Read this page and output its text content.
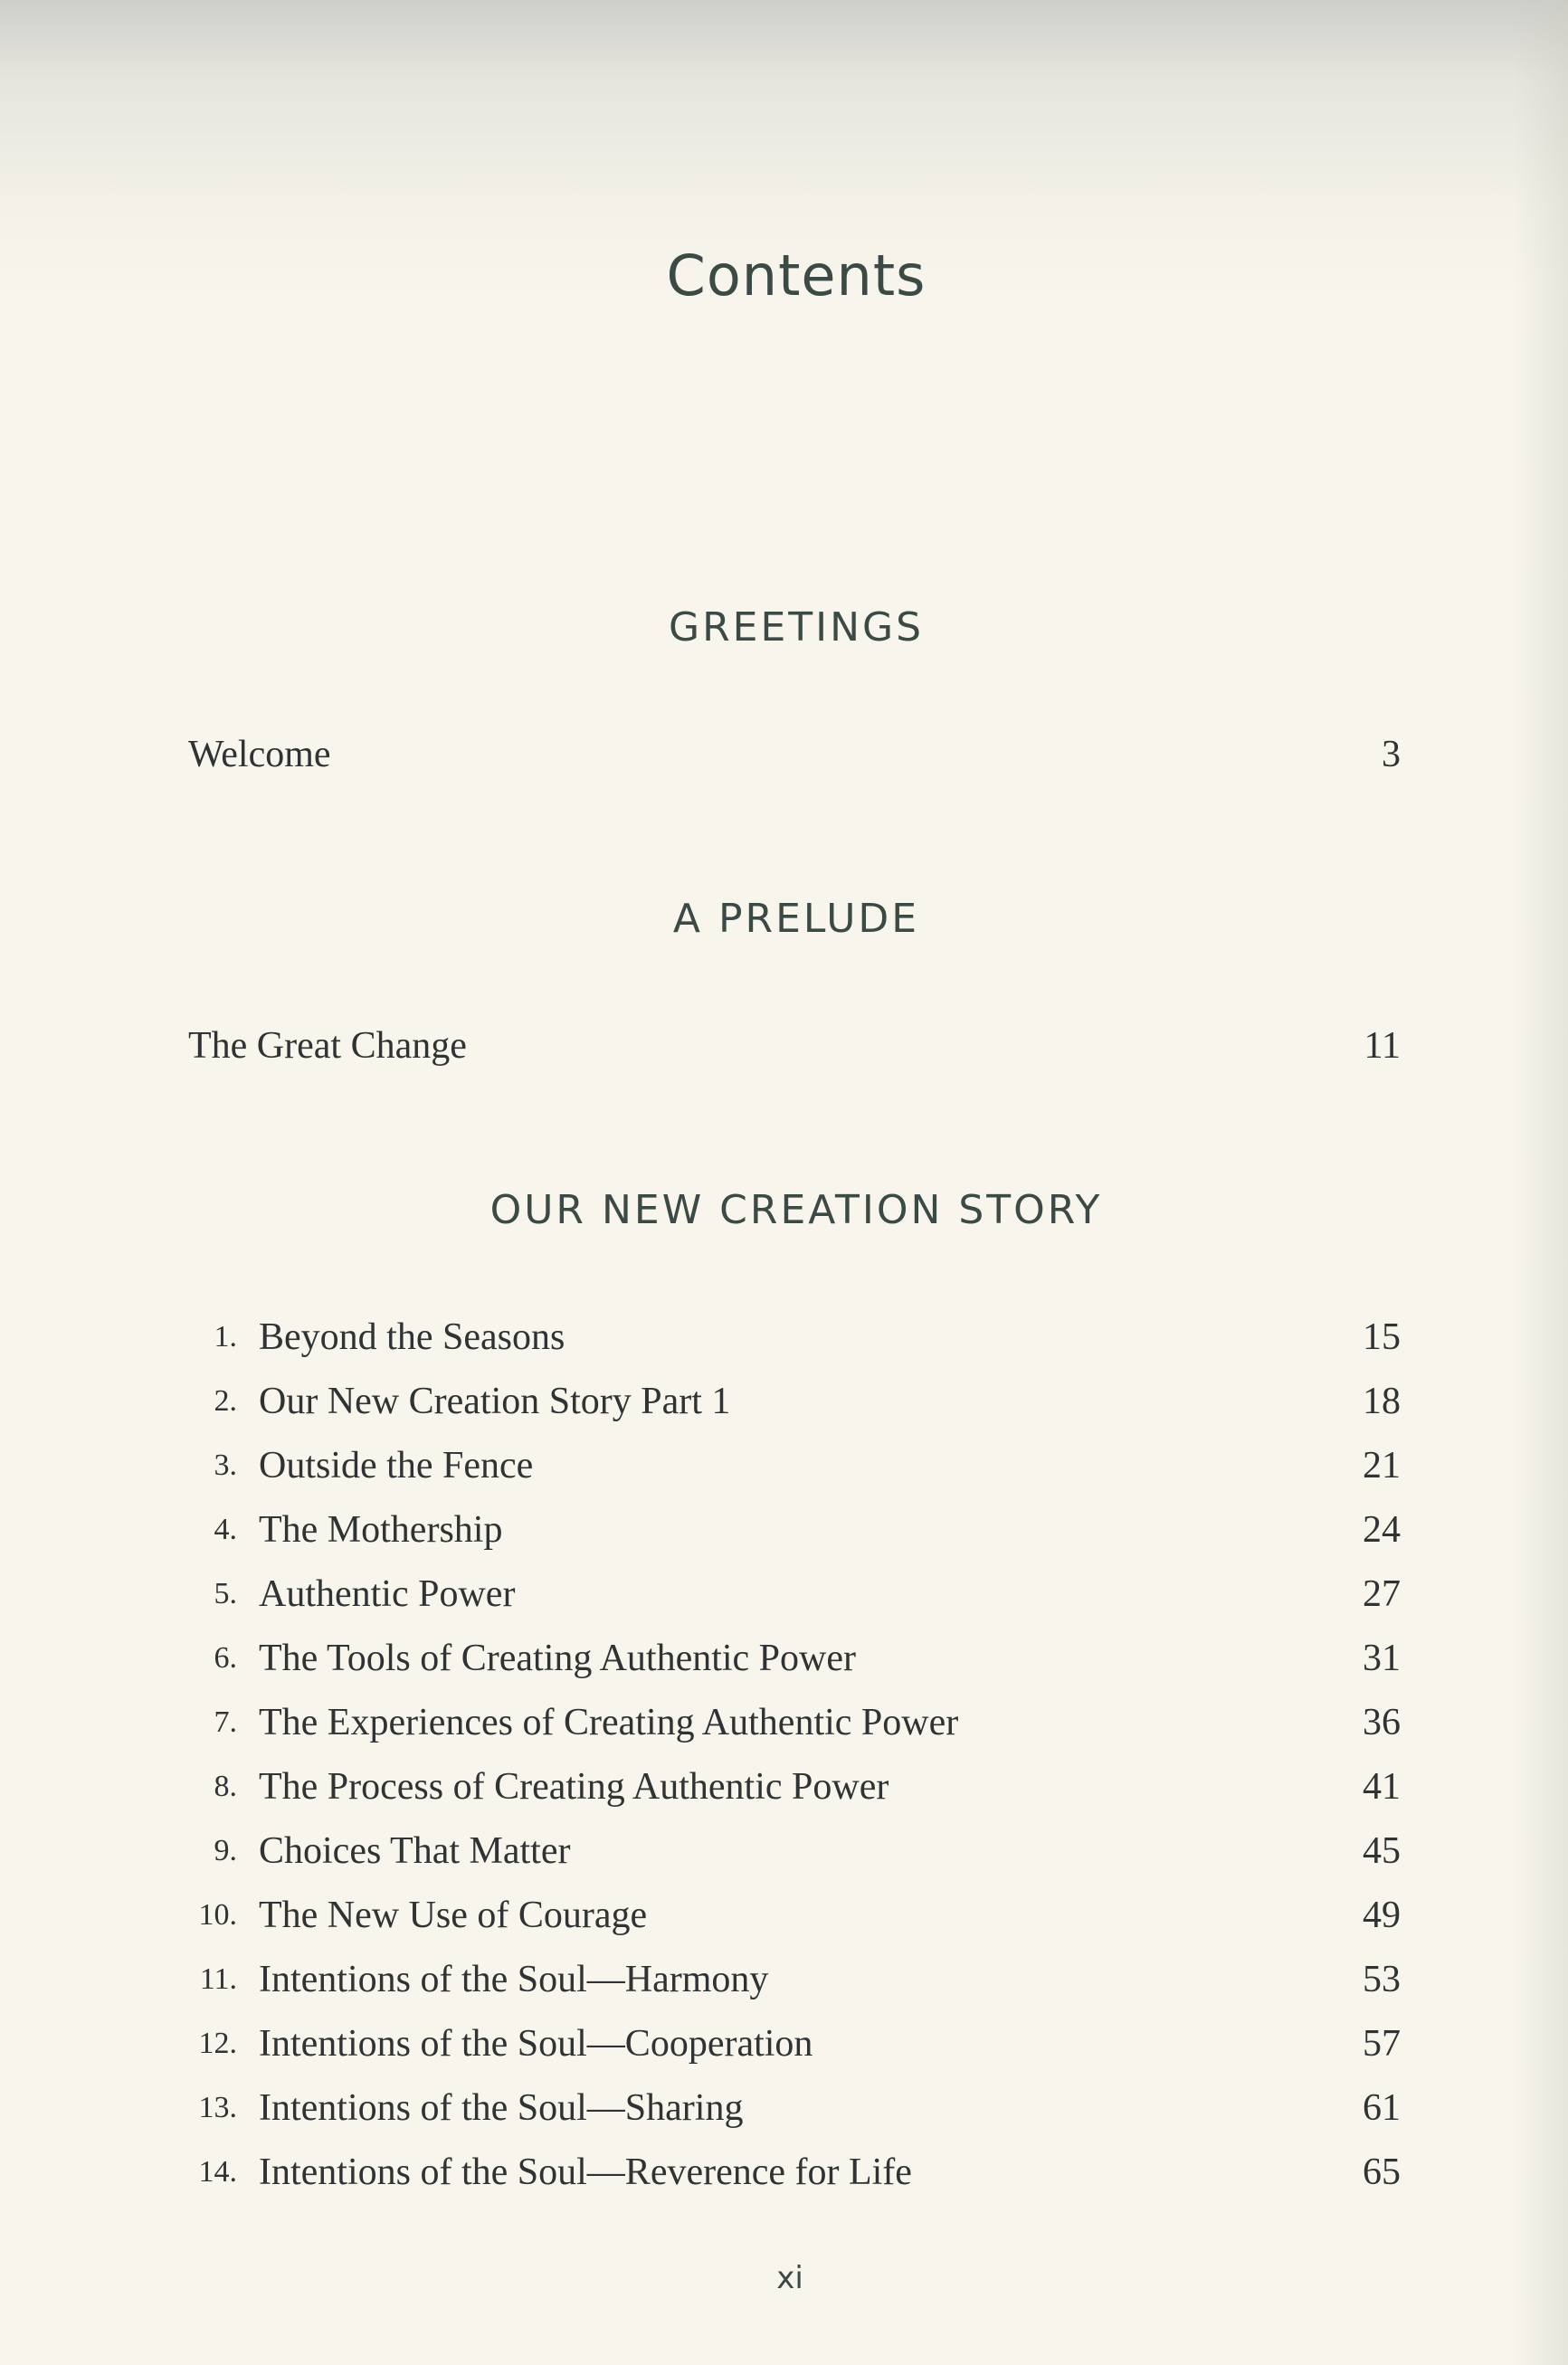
Contents
GREETINGS
Welcome	3
A PRELUDE
The Great Change	11
OUR NEW CREATION STORY
1. Beyond the Seasons	15
2. Our New Creation Story Part 1	18
3. Outside the Fence	21
4. The Mothership	24
5. Authentic Power	27
6. The Tools of Creating Authentic Power	31
7. The Experiences of Creating Authentic Power	36
8. The Process of Creating Authentic Power	41
9. Choices That Matter	45
10. The New Use of Courage	49
11. Intentions of the Soul—Harmony	53
12. Intentions of the Soul—Cooperation	57
13. Intentions of the Soul—Sharing	61
14. Intentions of the Soul—Reverence for Life	65
xi
